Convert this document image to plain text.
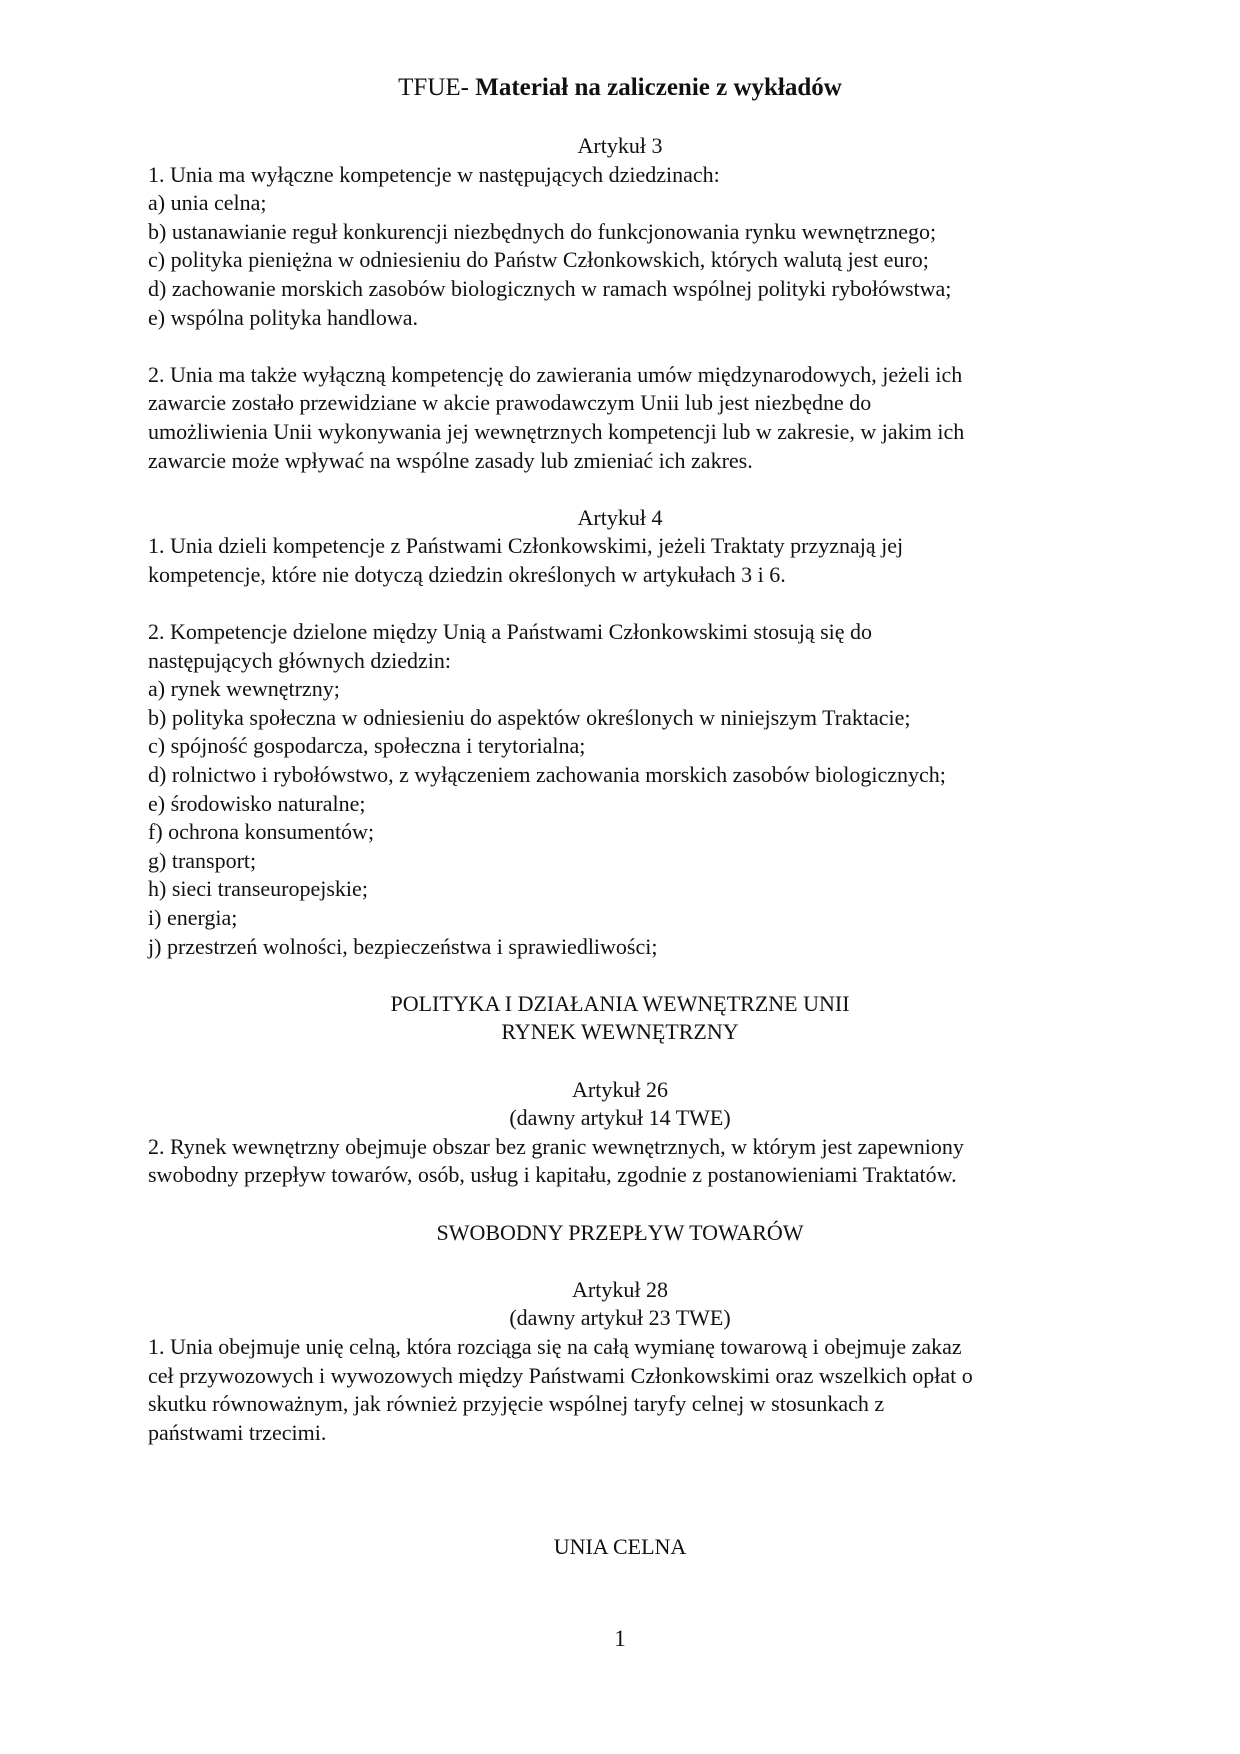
TFUE- Materiał na zaliczenie z wykładów
Artykuł 3
1. Unia ma wyłączne kompetencje w następujących dziedzinach:
a) unia celna;
b) ustanawianie reguł konkurencji niezbędnych do funkcjonowania rynku wewnętrznego;
c) polityka pieniężna w odniesieniu do Państw Członkowskich, których walutą jest euro;
d) zachowanie morskich zasobów biologicznych w ramach wspólnej polityki rybołówstwa;
e) wspólna polityka handlowa.
2. Unia ma także wyłączną kompetencję do zawierania umów międzynarodowych, jeżeli ich
zawarcie zostało przewidziane w akcie prawodawczym Unii lub jest niezbędne do
umożliwienia Unii wykonywania jej wewnętrznych kompetencji lub w zakresie, w jakim ich
zawarcie może wpływać na wspólne zasady lub zmieniać ich zakres.
Artykuł 4
1. Unia dzieli kompetencje z Państwami Członkowskimi, jeżeli Traktaty przyznają jej
kompetencje, które nie dotyczą dziedzin określonych w artykułach 3 i 6.
2. Kompetencje dzielone między Unią a Państwami Członkowskimi stosują się do
następujących głównych dziedzin:
a) rynek wewnętrzny;
b) polityka społeczna w odniesieniu do aspektów określonych w niniejszym Traktacie;
c) spójność gospodarcza, społeczna i terytorialna;
d) rolnictwo i rybołówstwo, z wyłączeniem zachowania morskich zasobów biologicznych;
e) środowisko naturalne;
f) ochrona konsumentów;
g) transport;
h) sieci transeuropejskie;
i) energia;
j) przestrzeń wolności, bezpieczeństwa i sprawiedliwości;
POLITYKA I DZIAŁANIA WEWNĘTRZNE UNII
RYNEK WEWNĘTRZNY
Artykuł 26
(dawny artykuł 14 TWE)
2. Rynek wewnętrzny obejmuje obszar bez granic wewnętrznych, w którym jest zapewniony
swobodny przepływ towarów, osób, usług i kapitału, zgodnie z postanowieniami Traktatów.
SWOBODNY PRZEPŁYW TOWARÓW
Artykuł 28
(dawny artykuł 23 TWE)
1. Unia obejmuje unię celną, która rozciąga się na całą wymianę towarową i obejmuje zakaz
ceł przywozowych i wywozowych między Państwami Członkowskimi oraz wszelkich opłat o
skutku równoważnym, jak również przyjęcie wspólnej taryfy celnej w stosunkach z
państwami trzecimi.
UNIA CELNA
1
